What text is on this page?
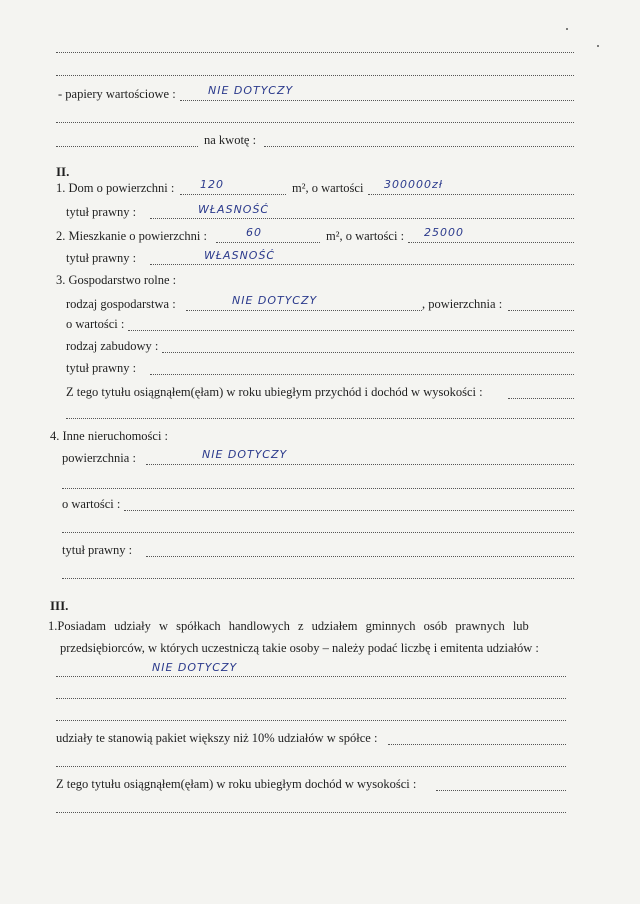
- papiery wartościowe :	NIE DOTYCZY
na kwotę :
II.
1. Dom o powierzchni : 120	m², o wartości 300000zł
tytuł prawny :	WŁASNOŚĆ
2. Mieszkanie o powierzchni :	60	m², o wartości : 25000
tytuł prawny :	WŁASNOŚĆ
3. Gospodarstwo rolne :
rodzaj gospodarstwa :	NIE DOTYCZY	, powierzchnia :
o wartości :
rodzaj zabudowy :
tytuł prawny :
Z tego tytułu osiągnąłem(ęłam) w roku ubiegłym przychód i dochód w wysokości :
4. Inne nieruchomości :
powierzchnia :	NIE DOTYCZY
o wartości :
tytuł prawny :
III.
1.Posiadam udziały w spółkach handlowych z udziałem gminnych osób prawnych lub
przedsiębiorców, w których uczestniczą takie osoby – należy podać liczbę i emitenta udziałów :
NIE DOTYCZY
udziały te stanowią pakiet większy niż 10% udziałów w spółce :
Z tego tytułu osiągnąłem(ęłam) w roku ubiegłym dochód w wysokości :
